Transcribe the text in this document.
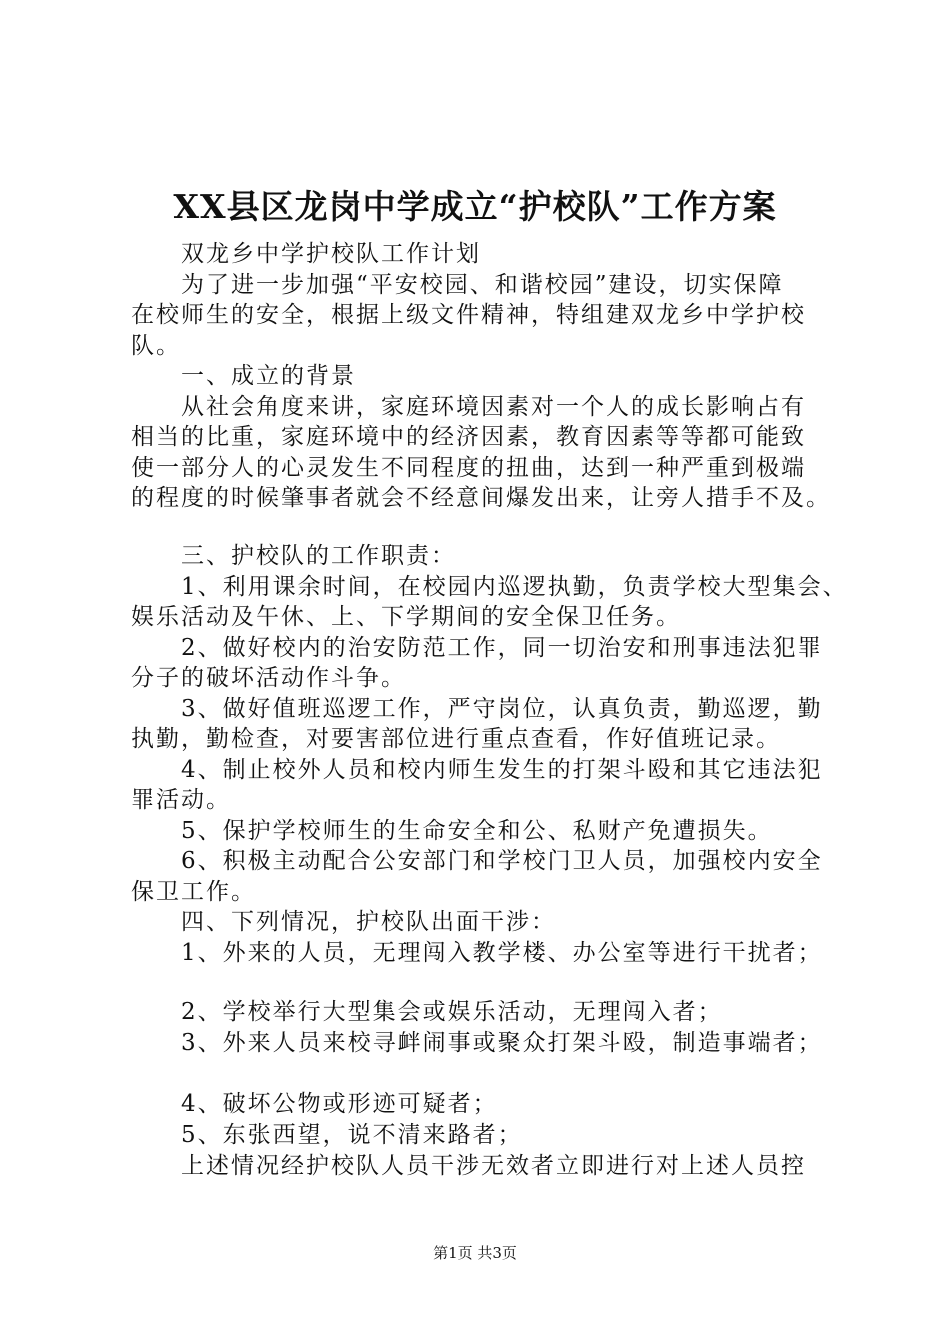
XX县区龙岗中学成立“护校队”工作方案
　　双龙乡中学护校队工作计划
　　为了进一步加强“平安校园、和谐校园”建设，切实保障
在校师生的安全，根据上级文件精神，特组建双龙乡中学护校
队。
　　一、成立的背景
　　从社会角度来讲，家庭环境因素对一个人的成长影响占有
相当的比重，家庭环境中的经济因素，教育因素等等都可能致
使一部分人的心灵发生不同程度的扭曲，达到一种严重到极端
的程度的时候肇事者就会不经意间爆发出来，让旁人措手不及。
　　三、护校队的工作职责：
　　1、利用课余时间，在校园内巡逻执勤，负责学校大型集会、
娱乐活动及午休、上、下学期间的安全保卫任务。
　　2、做好校内的治安防范工作，同一切治安和刑事违法犯罪
分子的破坏活动作斗争。
　　3、做好值班巡逻工作，严守岗位，认真负责，勤巡逻，勤
执勤，勤检查，对要害部位进行重点查看，作好值班记录。
　　4、制止校外人员和校内师生发生的打架斗殴和其它违法犯
罪活动。
　　5、保护学校师生的生命安全和公、私财产免遭损失。
　　6、积极主动配合公安部门和学校门卫人员，加强校内安全
保卫工作。
　　四、下列情况，护校队出面干涉：
　　1、外来的人员，无理闯入教学楼、办公室等进行干扰者；
　　2、学校举行大型集会或娱乐活动，无理闯入者；
　　3、外来人员来校寻衅闹事或聚众打架斗殴，制造事端者；
　　4、破坏公物或形迹可疑者；
　　5、东张西望，说不清来路者；
　　上述情况经护校队人员干涉无效者立即进行对上述人员控
第1页 共3页
